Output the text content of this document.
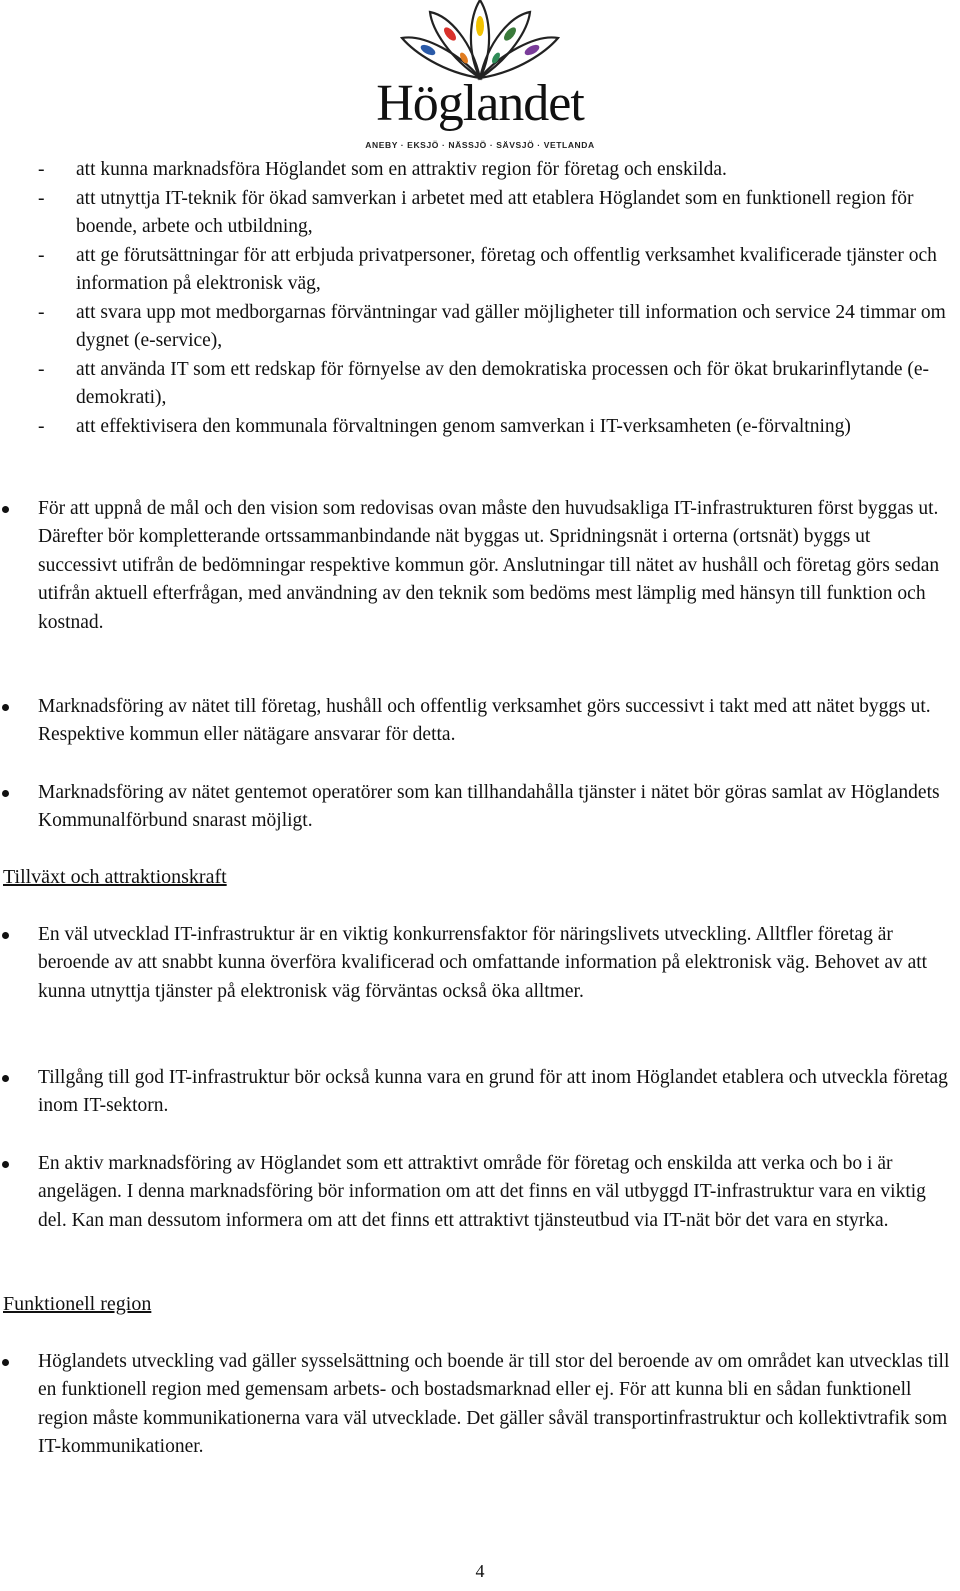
Höglandet
ANEBY · EKSJÖ · NÄSSJÖ · SÄVSJÖ · VETLANDA
- att kunna marknadsföra Höglandet som en attraktiv region för företag och enskilda.
- att utnyttja IT-teknik för ökad samverkan i arbetet med att etablera Höglandet som en funktionell region för boende, arbete och utbildning,
- att ge förutsättningar för att erbjuda privatpersoner, företag och offentlig verksamhet kvalificerade tjänster och information på elektronisk väg,
- att svara upp mot medborgarnas förväntningar vad gäller möjligheter till information och service 24 timmar om dygnet (e-service),
- att använda IT som ett redskap för förnyelse av den demokratiska processen och för ökat brukarinflytande (e-demokrati),
- att effektivisera den kommunala förvaltningen genom samverkan i IT-verksamheten (e-förvaltning)
För att uppnå de mål och den vision som redovisas ovan måste den huvudsakliga IT-infrastrukturen först byggas ut. Därefter bör kompletterande ortssammanbindande nät byggas ut. Spridningsnät i orterna (ortsnät) byggs ut successivt utifrån de bedömningar respektive kommun gör. Anslutningar till nätet av hushåll och företag görs sedan utifrån aktuell efterfrågan, med användning av den teknik som bedöms mest lämplig med hänsyn till funktion och kostnad.
Marknadsföring av nätet till företag, hushåll och offentlig verksamhet görs successivt i takt med att nätet byggs ut. Respektive kommun eller nätägare ansvarar för detta.
Marknadsföring av nätet gentemot operatörer som kan tillhandahålla tjänster i nätet bör göras samlat av Höglandets Kommunalförbund snarast möjligt.
Tillväxt och attraktionskraft
En väl utvecklad IT-infrastruktur är en viktig konkurrensfaktor för näringslivets utveckling. Alltfler företag är beroende av att snabbt kunna överföra kvalificerad och omfattande information på elektronisk väg. Behovet av att kunna utnyttja tjänster på elektronisk väg förväntas också öka alltmer.
Tillgång till god IT-infrastruktur bör också kunna vara en grund för att inom Höglandet etablera och utveckla företag inom IT-sektorn.
En aktiv marknadsföring av Höglandet som ett attraktivt område för företag och enskilda att verka och bo i är angelägen. I denna marknadsföring bör information om att det finns en väl utbyggd IT-infrastruktur vara en viktig del. Kan man dessutom informera om att det finns ett attraktivt tjänsteutbud via IT-nät bör det vara en styrka.
Funktionell region
Höglandets utveckling vad gäller sysselsättning och boende är till stor del beroende av om området kan utvecklas till en funktionell region med gemensam arbets- och bostadsmarknad eller ej. För att kunna bli en sådan funktionell region måste kommunikationerna vara väl utvecklade. Det gäller såväl transportinfrastruktur och kollektivtrafik som IT-kommunikationer.
4
